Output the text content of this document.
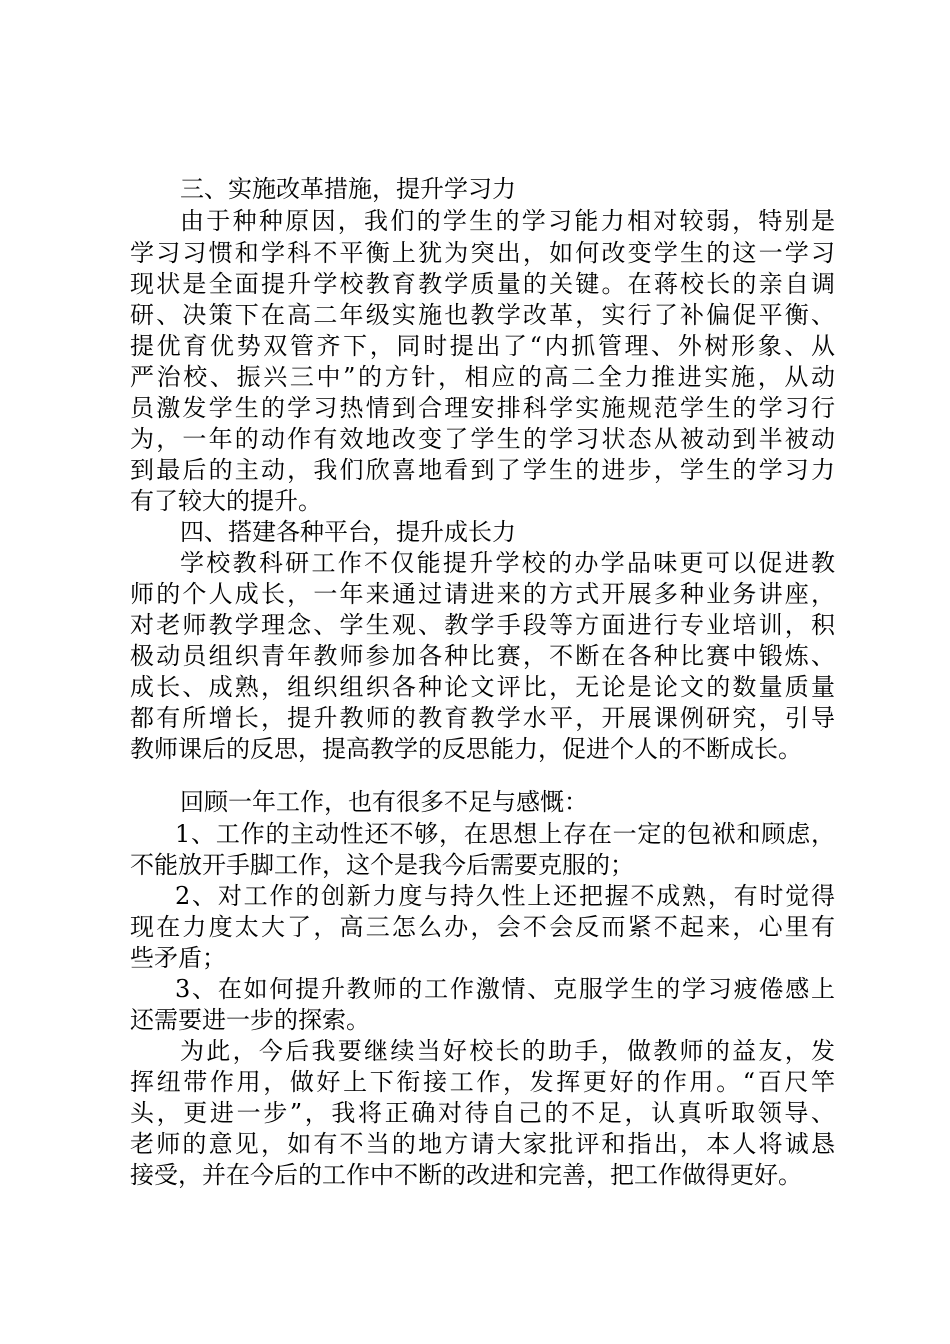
三、实施改革措施，提升学习力
由于种种原因，我们的学生的学习能力相对较弱，特别是
学习习惯和学科不平衡上犹为突出，如何改变学生的这一学习
现状是全面提升学校教育教学质量的关键。在蒋校长的亲自调
研、决策下在高二年级实施也教学改革，实行了补偏促平衡、
提优育优势双管齐下，同时提出了“内抓管理、外树形象、从
严治校、振兴三中”的方针，相应的高二全力推进实施，从动
员激发学生的学习热情到合理安排科学实施规范学生的学习行
为，一年的动作有效地改变了学生的学习状态从被动到半被动
到最后的主动，我们欣喜地看到了学生的进步，学生的学习力
有了较大的提升。
四、搭建各种平台，提升成长力
学校教科研工作不仅能提升学校的办学品味更可以促进教
师的个人成长，一年来通过请进来的方式开展多种业务讲座，
对老师教学理念、学生观、教学手段等方面进行专业培训，积
极动员组织青年教师参加各种比赛，不断在各种比赛中锻炼、
成长、成熟，组织组织各种论文评比，无论是论文的数量质量
都有所增长，提升教师的教育教学水平，开展课例研究，引导
教师课后的反思，提高教学的反思能力，促进个人的不断成长。
回顾一年工作，也有很多不足与感慨：
1、工作的主动性还不够，在思想上存在一定的包袱和顾虑，
不能放开手脚工作，这个是我今后需要克服的；
2、对工作的创新力度与持久性上还把握不成熟，有时觉得
现在力度太大了，高三怎么办，会不会反而紧不起来，心里有
些矛盾；
3、在如何提升教师的工作激情、克服学生的学习疲倦感上
还需要进一步的探索。
为此，今后我要继续当好校长的助手，做教师的益友，发
挥纽带作用，做好上下衔接工作，发挥更好的作用。“百尺竿
头，更进一步”，我将正确对待自己的不足，认真听取领导、
老师的意见，如有不当的地方请大家批评和指出，本人将诚恳
接受，并在今后的工作中不断的改进和完善，把工作做得更好。
